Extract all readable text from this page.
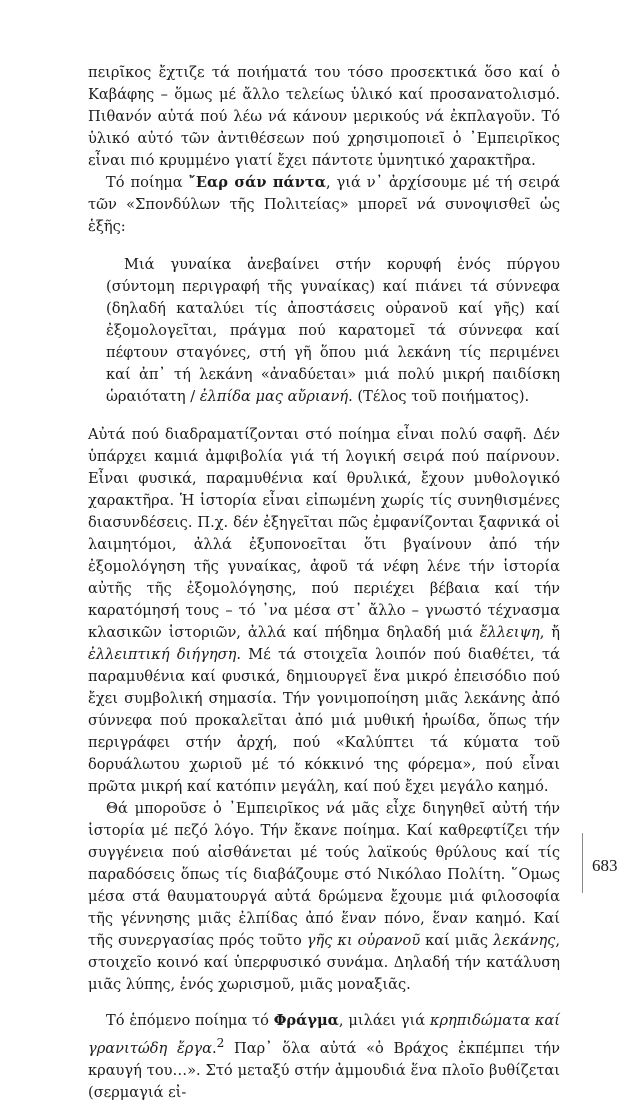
πειρῖκος ἔχτιζε τά ποιήματά του τόσο προσεκτικά ὅσο καί ὁ Καβάφης – ὅμως μέ ἄλλο τελείως ὑλικό καί προσανατολισμό. Πιθανόν αὐτά πού λέω νά κάνουν μερικούς νά ἐκπλαγοῦν. Τό ὑλικό αὐτό τῶν ἀντιθέσεων πού χρησιμοποιεῖ ὁ ᾽Εμπειρῖκος εἶναι πιό κρυμμένο γιατί ἔχει πάντοτε ὑμνητικό χαρακτῆρα.

Τό ποίημα ῎Εαρ σάν πάντα, γιά ν᾽ ἀρχίσουμε μέ τή σειρά τῶν «Σπονδύλων τῆς Πολιτείας» μπορεῖ νά συνοψισθεῖ ὡς ἑξῆς:

Μιά γυναίκα ἀνεβαίνει στήν κορυφή ἑνός πύργου (σύντομη περιγραφή τῆς γυναίκας) καί πιάνει τά σύννεφα (δηλαδή καταλύει τίς ἀποστάσεις οὐρανοῦ καί γῆς) καί ἐξομολογεῖται, πράγμα πού καρατομεῖ τά σύννεφα καί πέφτουν σταγόνες, στή γῆ ὅπου μιά λεκάνη τίς περιμένει καί ἀπ᾽ τή λεκάνη «ἀναδύεται» μιά πολύ μικρή παιδίσκη ὡραιότατη / ἐλπίδα μας αὔριανή. (Τέλος τοῦ ποιήματος).

Αὐτά πού διαδραματίζονται στό ποίημα εἶναι πολύ σαφῆ. Δέν ὑπάρχει καμιά ἀμφιβολία γιά τή λογική σειρά πού παίρνουν. Εἶναι φυσικά, παραμυθένια καί θρυλικά, ἔχουν μυθολογικό χαρακτῆρα. Ἡ ἱστορία εἶναι εἰπωμένη χωρίς τίς συνηθισμένες διασυνδέσεις. Π.χ. δέν ἐξηγεῖται πῶς ἐμφανίζονται ξαφνικά οἱ λαιμητόμοι, ἀλλά ἐξυπονοεῖται ὅτι βγαίνουν ἀπό τήν ἐξομολόγηση τῆς γυναίκας, ἀφοῦ τά νέφη λένε τήν ἱστορία αὐτῆς τῆς ἐξομολόγησης, πού περιέχει βέβαια καί τήν καρατόμησή τους – τό ᾽να μέσα στ᾽ ἄλλο – γνωστό τέχνασμα κλασικῶν ἱστοριῶν, ἀλλά καί πήδημα δηλαδή μιά ἔλλειψη, ἤ ἐλλειπτική διήγηση. Μέ τά στοιχεῖα λοιπόν πού διαθέτει, τά παραμυθένια καί φυσικά, δημιουργεῖ ἕνα μικρό ἐπεισόδιο πού ἔχει συμβολική σημασία. Τήν γονιμοποίηση μιᾶς λεκάνης ἀπό σύννεφα πού προκαλεῖται ἀπό μιά μυθική ἡρωίδα, ὅπως τήν περιγράφει στήν ἀρχή, πού «Καλύπτει τά κύματα τοῦ δορυάλωτου χωριοῦ μέ τό κόκκινό της φόρεμα», πού εἶναι πρῶτα μικρή καί κατόπιν μεγάλη, καί πού ἔχει μεγάλο καημό.

Θά μποροῦσε ὁ ᾽Εμπειρῖκος νά μᾶς εἶχε διηγηθεῖ αὐτή τήν ἱστορία μέ πεζό λόγο. Τήν ἔκανε ποίημα. Καί καθρεφτίζει τήν συγγένεια πού αἰσθάνεται μέ τούς λαϊκούς θρύλους καί τίς παραδόσεις ὅπως τίς διαβάζουμε στό Νικόλαο Πολίτη. ῞Ομως μέσα στά θαυματουργά αὐτά δρώμενα ἔχουμε μιά φιλοσοφία τῆς γέννησης μιᾶς ἐλπίδας ἀπό ἕναν πόνο, ἕναν καημό. Καί τῆς συνεργασίας πρός τοῦτο γῆς κι οὐρανοῦ καί μιᾶς λεκάνης, στοιχεῖο κοινό καί ὑπερφυσικό συνάμα. Δηλαδή τήν κατάλυση μιᾶς λύπης, ἑνός χωρισμοῦ, μιᾶς μοναξιᾶς.

Τό ἑπόμενο ποίημα τό Φράγμα, μιλάει γιά κρηπιδώματα καί γρανιτώδη ἔργα.$^2$ Παρ᾽ ὅλα αὐτά «ὁ Βράχος ἐκπέμπει τήν κραυγή του…». Στό μεταξύ στήν ἀμμουδιά ἕνα πλοῖο βυθίζεται (σερμαγιά εἰ-

683
